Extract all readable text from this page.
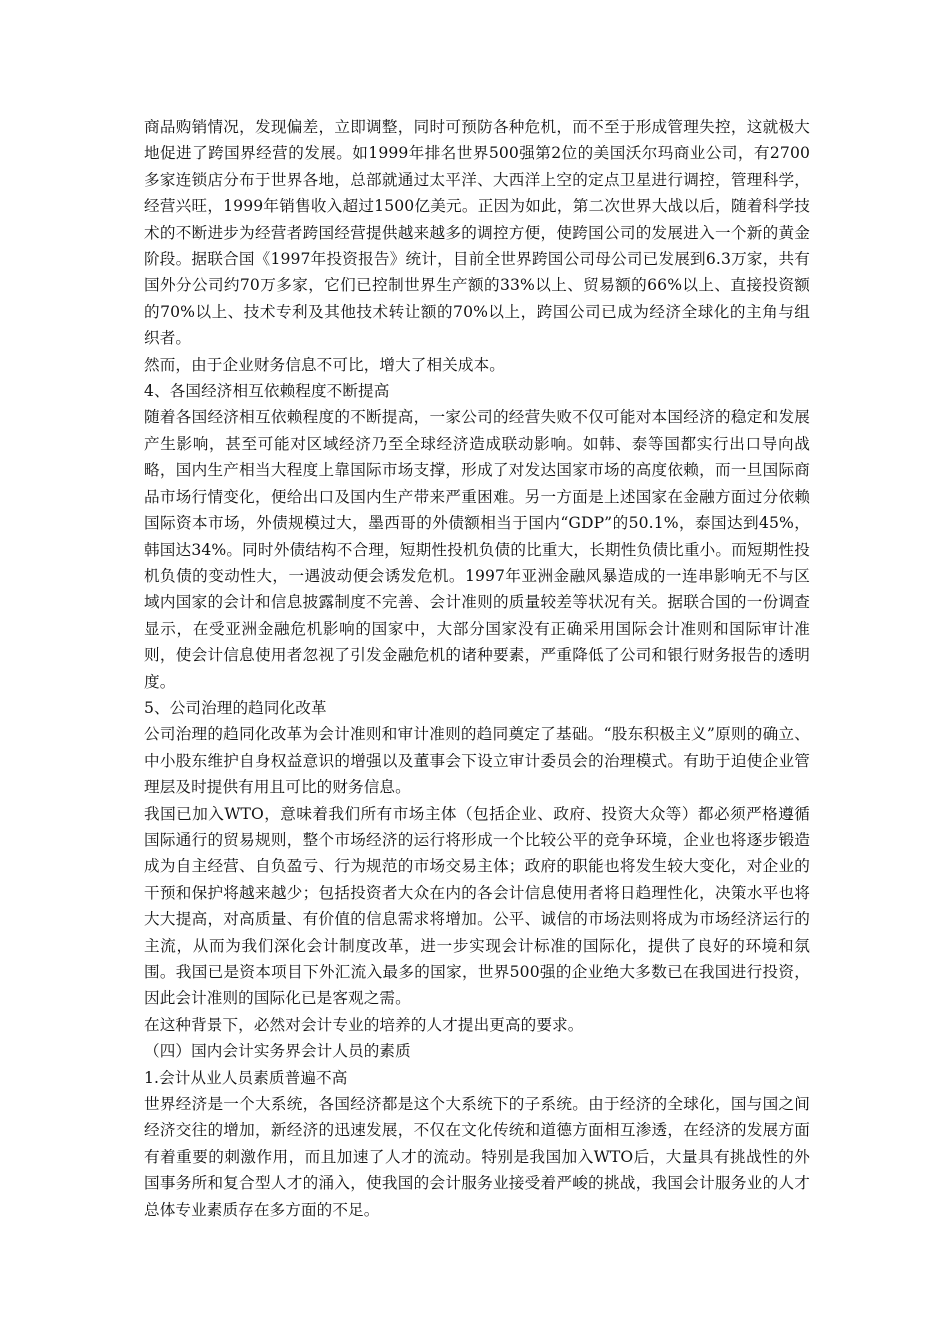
商品购销情况，发现偏差，立即调整，同时可预防各种危机，而不至于形成管理失控，这就极大地促进了跨国界经营的发展。如1999年排名世界500强第2位的美国沃尔玛商业公司，有2700多家连锁店分布于世界各地，总部就通过太平洋、大西洋上空的定点卫星进行调控，管理科学，经营兴旺，1999年销售收入超过1500亿美元。正因为如此，第二次世界大战以后，随着科学技术的不断进步为经营者跨国经营提供越来越多的调控方便，使跨国公司的发展进入一个新的黄金阶段。据联合国《1997年投资报告》统计，目前全世界跨国公司母公司已发展到6.3万家，共有国外分公司约70万多家，它们已控制世界生产额的33%以上、贸易额的66%以上、直接投资额的70%以上、技术专利及其他技术转让额的70%以上，跨国公司已成为经济全球化的主角与组织者。

然而，由于企业财务信息不可比，增大了相关成本。

4、各国经济相互依赖程度不断提高

随着各国经济相互依赖程度的不断提高，一家公司的经营失败不仅可能对本国经济的稳定和发展产生影响，甚至可能对区域经济乃至全球经济造成联动影响。如韩、泰等国都实行出口导向战略，国内生产相当大程度上靠国际市场支撑，形成了对发达国家市场的高度依赖，而一旦国际商品市场行情变化，便给出口及国内生产带来严重困难。另一方面是上述国家在金融方面过分依赖国际资本市场，外债规模过大，墨西哥的外债额相当于国内“GDP”的50.1%，泰国达到45%，韩国达34%。同时外债结构不合理，短期性投机负债的比重大，长期性负债比重小。而短期性投机负债的变动性大，一遇波动便会诱发危机。1997年亚洲金融风暴造成的一连串影响无不与区域内国家的会计和信息披露制度不完善、会计准则的质量较差等状况有关。据联合国的一份调查显示，在受亚洲金融危机影响的国家中，大部分国家没有正确采用国际会计准则和国际审计准则，使会计信息使用者忽视了引发金融危机的诸种要素，严重降低了公司和银行财务报告的透明度。

5、公司治理的趋同化改革

公司治理的趋同化改革为会计准则和审计准则的趋同奠定了基础。“股东积极主义”原则的确立、中小股东维护自身权益意识的增强以及董事会下设立审计委员会的治理模式。有助于迫使企业管理层及时提供有用且可比的财务信息。

我国已加入WTO，意味着我们所有市场主体（包括企业、政府、投资大众等）都必须严格遵循国际通行的贸易规则，整个市场经济的运行将形成一个比较公平的竞争环境，企业也将逐步锻造成为自主经营、自负盈亏、行为规范的市场交易主体；政府的职能也将发生较大变化，对企业的干预和保护将越来越少；包括投资者大众在内的各会计信息使用者将日趋理性化，决策水平也将大大提高，对高质量、有价值的信息需求将增加。公平、诚信的市场法则将成为市场经济运行的主流，从而为我们深化会计制度改革，进一步实现会计标准的国际化，提供了良好的环境和氛围。我国已是资本项目下外汇流入最多的国家，世界500强的企业绝大多数已在我国进行投资，因此会计准则的国际化已是客观之需。

在这种背景下，必然对会计专业的培养的人才提出更高的要求。

（四）国内会计实务界会计人员的素质

1.会计从业人员素质普遍不高

世界经济是一个大系统，各国经济都是这个大系统下的子系统。由于经济的全球化，国与国之间经济交往的增加，新经济的迅速发展，不仅在文化传统和道德方面相互渗透，在经济的发展方面有着重要的刺激作用，而且加速了人才的流动。特别是我国加入WTO后，大量具有挑战性的外国事务所和复合型人才的涌入，使我国的会计服务业接受着严峻的挑战，我国会计服务业的人才总体专业素质存在多方面的不足。
